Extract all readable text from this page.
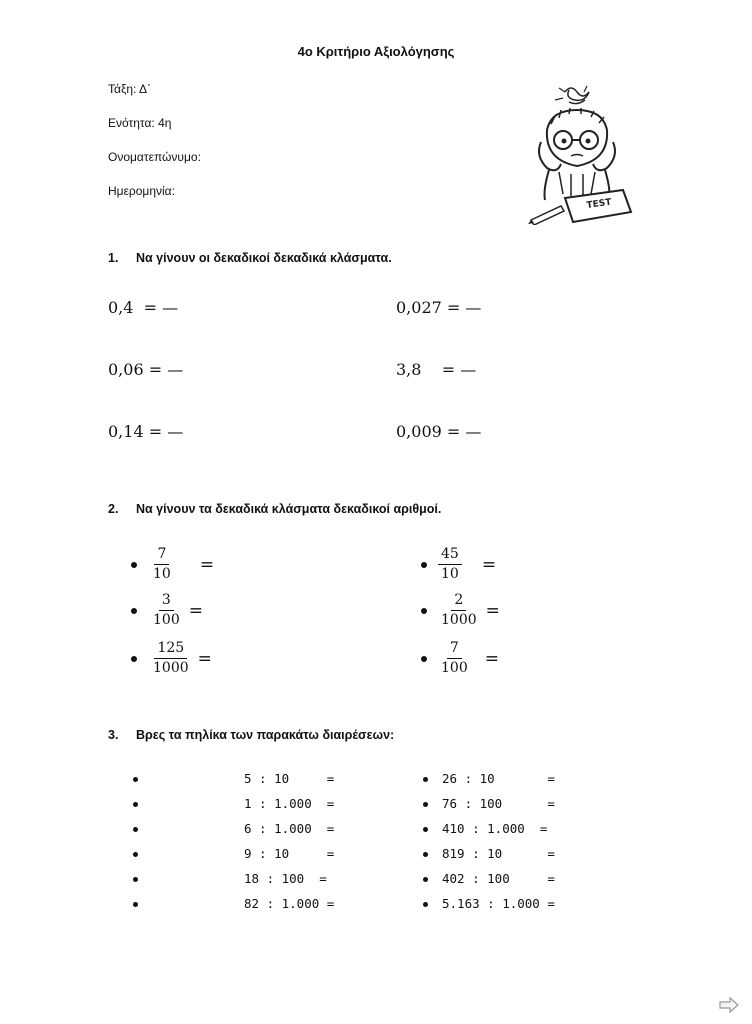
4ο Κριτήριο Αξιολόγησης
Τάξη: Δ΄
Ενότητα: 4η
Ονοματεπώνυμο:
Ημερομηνία:
TEST
1. Να γίνουν οι δεκαδικοί δεκαδικά κλάσματα.
0,4  = —	0,027 = —
0,06 = —	3,8    = —
0,14 = —	0,009 = —
2. Να γίνουν τα δεκαδικά κλάσματα δεκαδικοί αριθμοί.
$\frac{7}{10}$ =
$\frac{3}{100}$ =
$\frac{125}{1000}$ =
$\frac{45}{10}$ =
$\frac{2}{1000}$ =
$\frac{7}{100}$ =
3. Βρες τα πηλίκα των παρακάτω διαιρέσεων:
5 : 10     =
1 : 1.000  =
6 : 1.000  =
9 : 10     =
18 : 100  =
82 : 1.000 =
26 : 10       =
76 : 100      =
410 : 1.000  =
819 : 10      =
402 : 100     =
5.163 : 1.000 =
